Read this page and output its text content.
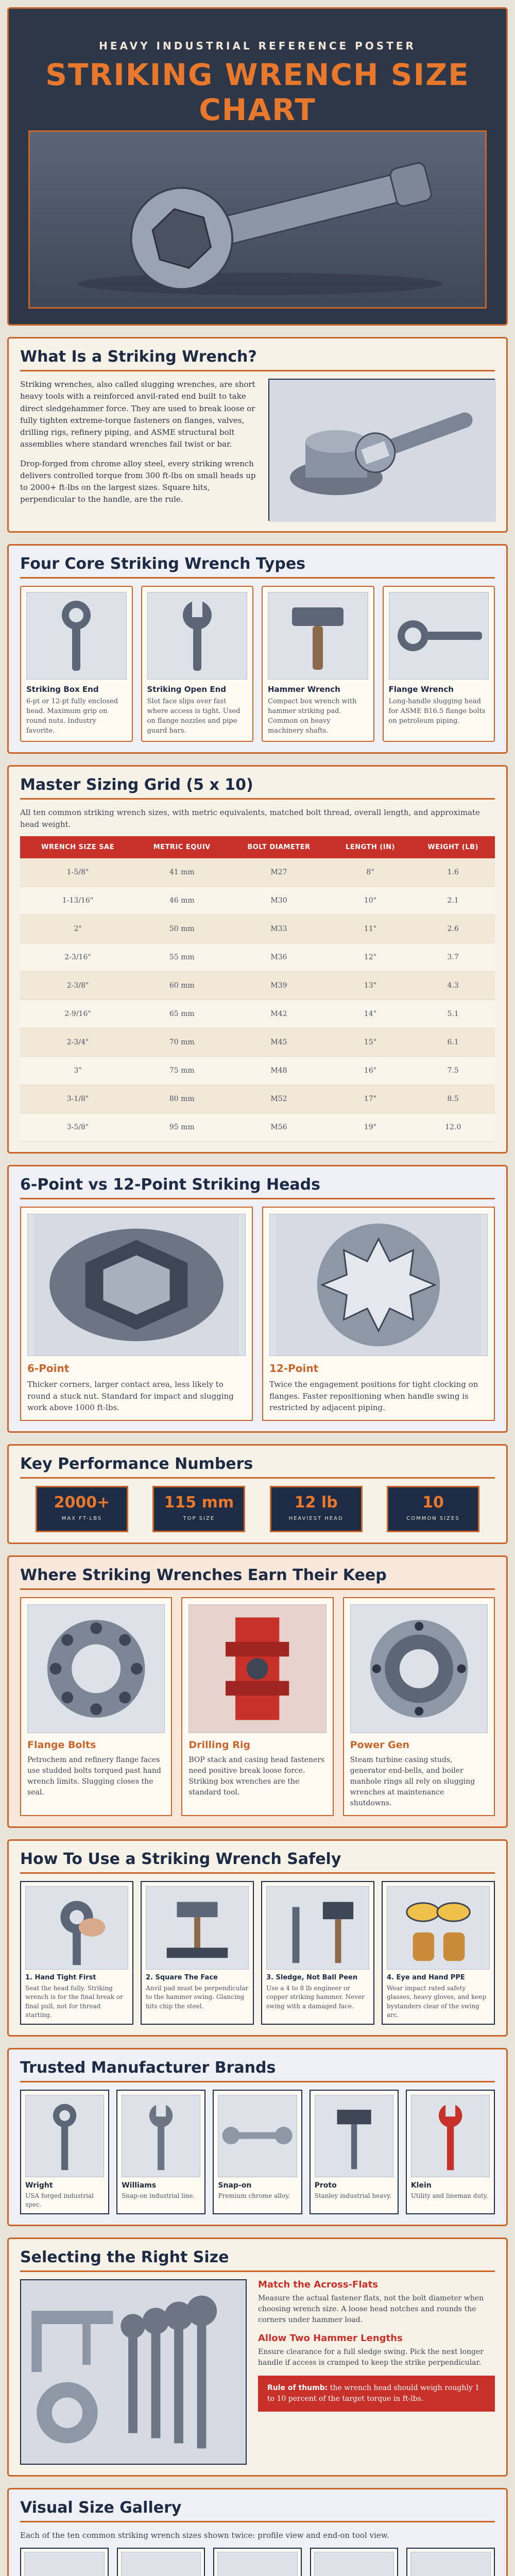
HEAVY INDUSTRIAL REFERENCE POSTER
STRIKING WRENCH SIZE CHART
What Is a Striking Wrench?

Striking wrenches, also called slugging wrenches, are short heavy tools with a reinforced anvil-rated end built to take direct sledgehammer force. They are used to break loose or fully tighten extreme-torque fasteners on flanges, valves, drilling rigs, refinery piping, and ASME structural bolt assemblies where standard wrenches fail twist or bar.

Drop-forged from chrome alloy steel, every striking wrench delivers controlled torque from 300 ft-lbs on small heads up to 2000+ ft-lbs on the largest sizes. Square hits, perpendicular to the handle, are the rule.

Four Core Striking Wrench Types
Striking Box End
6-pt or 12-pt fully enclosed head. Maximum grip on round nuts. Industry favorite.
Striking Open End
Slot face slips over fast where access is tight. Used on flange nozzles and pipe guard bars.
Hammer Wrench
Compact box wrench with hammer striking pad. Common on heavy machinery shafts.
Flange Wrench
Long-handle slugging head for ASME B16.5 flange bolts on petroleum piping.
Master Sizing Grid (5 x 10)
All ten common striking wrench sizes, with metric equivalents, matched bolt thread, overall length, and approximate head weight.
WRENCH SIZE SAE	METRIC EQUIV	BOLT DIAMETER	LENGTH (IN)	WEIGHT (LB)
1-5/8"	41 mm	M27	8"	1.6
1-13/16"	46 mm	M30	10"	2.1
2"	50 mm	M33	11"	2.6
2-3/16"	55 mm	M36	12"	3.7
2-3/8"	60 mm	M39	13"	4.3
2-9/16"	65 mm	M42	14"	5.1
2-3/4"	70 mm	M45	15"	6.1
3"	75 mm	M48	16"	7.5
3-1/8"	80 mm	M52	17"	8.5
3-5/8"	95 mm	M56	19"	12.0
6-Point vs 12-Point Striking Heads
6-Point
Thicker corners, larger contact area, less likely to round a stuck nut. Standard for impact and slugging work above 1000 ft-lbs.
12-Point
Twice the engagement positions for tight clocking on flanges. Faster repositioning when handle swing is restricted by adjacent piping.
Key Performance Numbers
2000+
MAX FT-LBS
115 mm
TOP SIZE
12 lb
HEAVIEST HEAD
10
COMMON SIZES
Where Striking Wrenches Earn Their Keep
Flange Bolts
Petrochem and refinery flange faces use studded bolts torqued past hand wrench limits. Slugging closes the seal.
Drilling Rig
BOP stack and casing head fasteners need positive break loose force. Striking box wrenches are the standard tool.
Power Gen
Steam turbine casing studs, generator end-bells, and boiler manhole rings all rely on slugging wrenches at maintenance shutdowns.
How To Use a Striking Wrench Safely
1. Hand Tight First
Seat the head fully. Striking wrench is for the final break or final pull, not for thread starting.
2. Square The Face
Anvil pad must be perpendicular to the hammer swing. Glancing hits chip the steel.
3. Sledge, Not Ball Peen
Use a 4 to 8 lb engineer or copper striking hammer. Never swing with a damaged face.
4. Eye and Hand PPE
Wear impact rated safety glasses, heavy gloves, and keep bystanders clear of the swing arc.
Trusted Manufacturer Brands
Wright
USA forged industrial spec.
Williams
Snap-on industrial line.
Snap-on
Premium chrome alloy.
Proto
Stanley industrial heavy.
Klein
Utility and lineman duty.
Selecting the Right Size
Match the Across-Flats
Measure the actual fastener flats, not the bolt diameter when choosing wrench size. A loose head notches and rounds the corners under hammer load.
Allow Two Hammer Lengths
Ensure clearance for a full sledge swing. Pick the next longer handle if access is cramped to keep the strike perpendicular.
Rule of thumb: the wrench head should weigh roughly 1 to 10 percent of the target torque in ft-lbs.
Visual Size Gallery
Each of the ten common striking wrench sizes shown twice: profile view and end-on tool view.
